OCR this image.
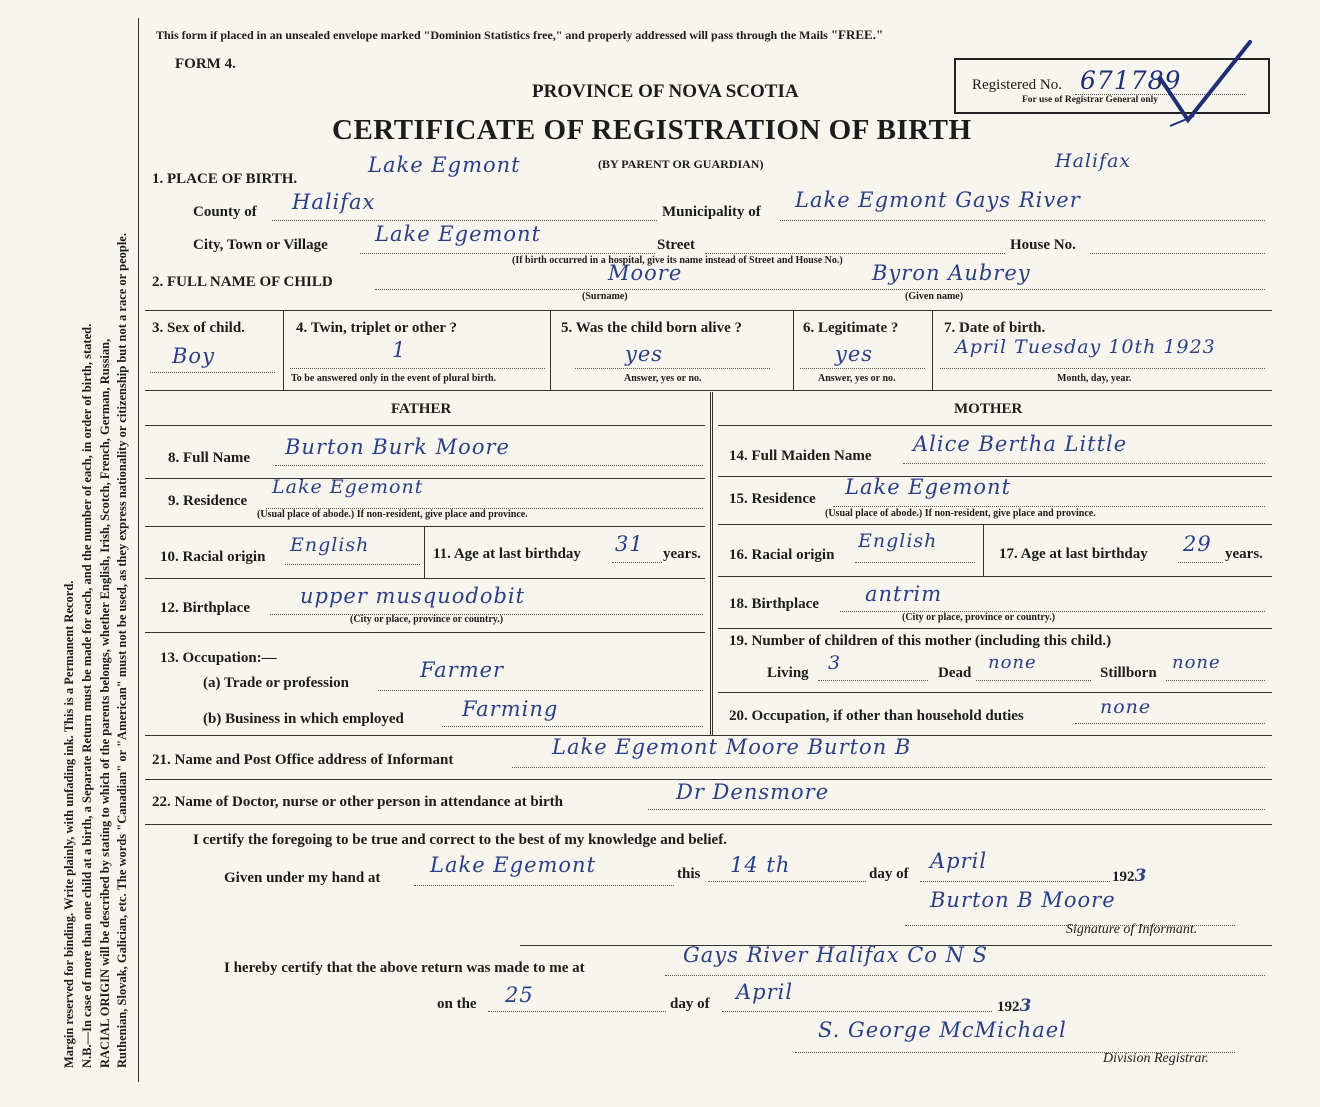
Margin reserved for binding. Write plainly, with unfading ink. This is a Permanent Record. N.B.—In case of more than one child at a birth, a Separate Return must be made for each, and the number of each, in order of birth, stated. RACIAL ORIGIN will be described by stating to which of the parents belongs, whether English, Irish, Scotch, French, German, Russian, Ruthenian, Slovak, Galician, etc. The words "Canadian" or "American" must not be used, as they express nationality or citizenship but not a race or people.
This form if placed in an unsealed envelope marked "Dominion Statistics free," and properly addressed will pass through the Mails "FREE."
FORM 4.
PROVINCE OF NOVA SCOTIA
CERTIFICATE OF REGISTRATION OF BIRTH
(BY PARENT OR GUARDIAN)
Registered No. 671789
For use of Registrar General only
1. PLACE OF BIRTH.
Lake Egmont	Halifax
County of Halifax	Municipality of Lake Egmont Gays River
City, Town or Village Lake Egemont	Street	House No.
(If birth occurred in a hospital, give its name instead of Street and House No.)
2. FULL NAME OF CHILD	Moore	Byron Aubrey
(Surname)	(Given name)
3. Sex of child.
Boy
4. Twin, triplet or other ?
1
To be answered only in the event of plural birth.
5. Was the child born alive ?
yes
Answer, yes or no.
6. Legitimate ?
yes
Answer, yes or no.
7. Date of birth.
April Tuesday 10th 1923
Month, day, year.
FATHER	MOTHER
8. Full Name Burton Burk Moore
9. Residence
Lake Egemont
(Usual place of abode.) If non-resident, give place and province.
10. Racial origin
English	11. Age at last birthday 31 years.
12. Birthplace upper musquodobit
(City or place, province or country.)
13. Occupation:—
(a) Trade or profession
Farmer
(b) Business in which employed	Farming
14. Full Maiden Name Alice Bertha Little
15. Residence Lake Egemont
(Usual place of abode.) If non-resident, give place and province.
16. Racial origin
English
17. Age at last birthday 29 years.
18. Birthplace antrim
(City or place, province or country.)
19. Number of children of this mother (including this child.)
Living 3	Dead none	Stillborn none
20. Occupation, if other than household duties	none
21. Name and Post Office address of Informant
Lake Egemont Moore Burton B
22. Name of Doctor, nurse or other person in attendance at birth	Dr Densmore
I certify the foregoing to be true and correct to the best of my knowledge and belief.
Given under my hand at
Lake Egemont	this 14 th	day of
April
1923
Burton B Moore
Signature of Informant.
I hereby certify that the above return was made to me at
Gays River Halifax Co N S
on the 25	day of April
1923
S. George McMichael
Division Registrar.
